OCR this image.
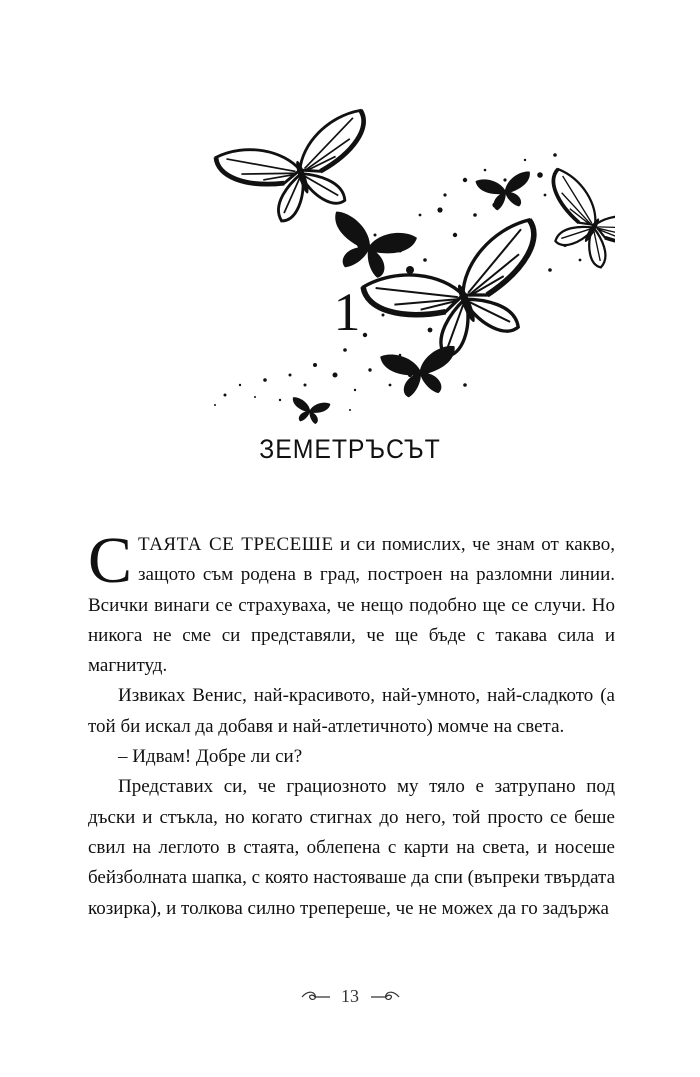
1
ЗЕМЕТРЪСЪТ

СТАЯТА СЕ ТРЕСЕШЕ и си помислих, че знам от какво, защото съм родена в град, построен на разломни линии. Всички винаги се страхуваха, че нещо подобно ще се случи. Но никога не сме си представяли, че ще бъде с такава сила и магнитуд.

Извиках Венис, най-красивото, най-умното, най-сладкото (а той би искал да добавя и най-атлетичното) момче на света.

– Идвам! Добре ли си?

Представих си, че грациозното му тяло е затрупано под дъски и стъкла, но когато стигнах до него, той просто се беше свил на леглото в стаята, облепена с карти на света, и носеше бейзболната шапка, с която настояваше да спи (въпреки твърдата козирка), и толкова силно трепереше, че не можех да го задържа

13
